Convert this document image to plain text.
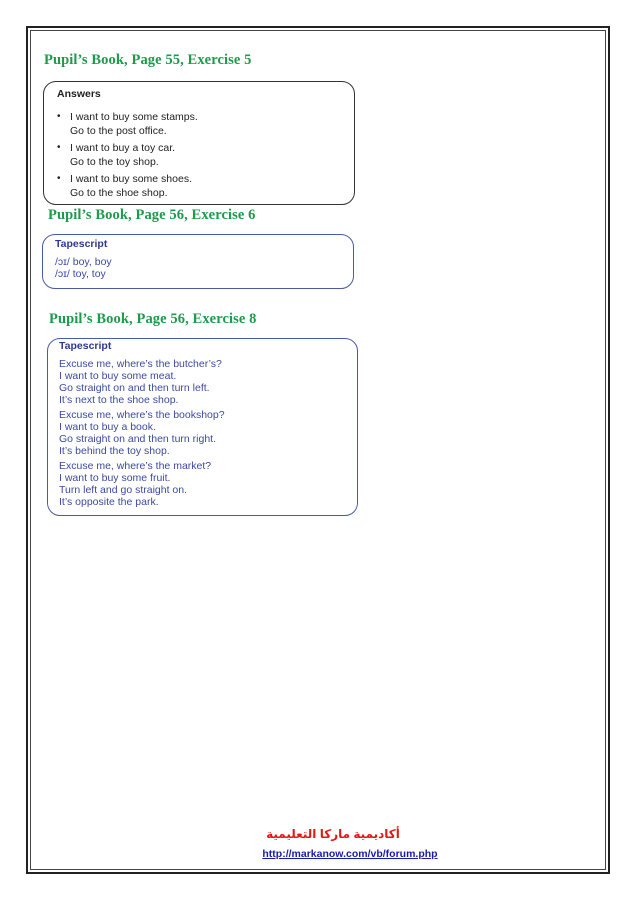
Pupil’s Book, Page 55, Exercise 5
Answers
• I want to buy some stamps.
Go to the post office.
• I want to buy a toy car.
Go to the toy shop.
• I want to buy some shoes.
Go to the shoe shop.
Pupil’s Book, Page 56, Exercise 6
Tapescript
/ɔɪ/ boy, boy
/ɔɪ/ toy, toy
Pupil’s Book, Page 56, Exercise 8
Tapescript
Excuse me, where’s the butcher’s?
I want to buy some meat.
Go straight on and then turn left.
It’s next to the shoe shop.
Excuse me, where’s the bookshop?
I want to buy a book.
Go straight on and then turn right.
It’s behind the toy shop.
Excuse me, where’s the market?
I want to buy some fruit.
Turn left and go straight on.
It’s opposite the park.
أكاديمية ماركا التعليمية
http://markanow.com/vb/forum.php
